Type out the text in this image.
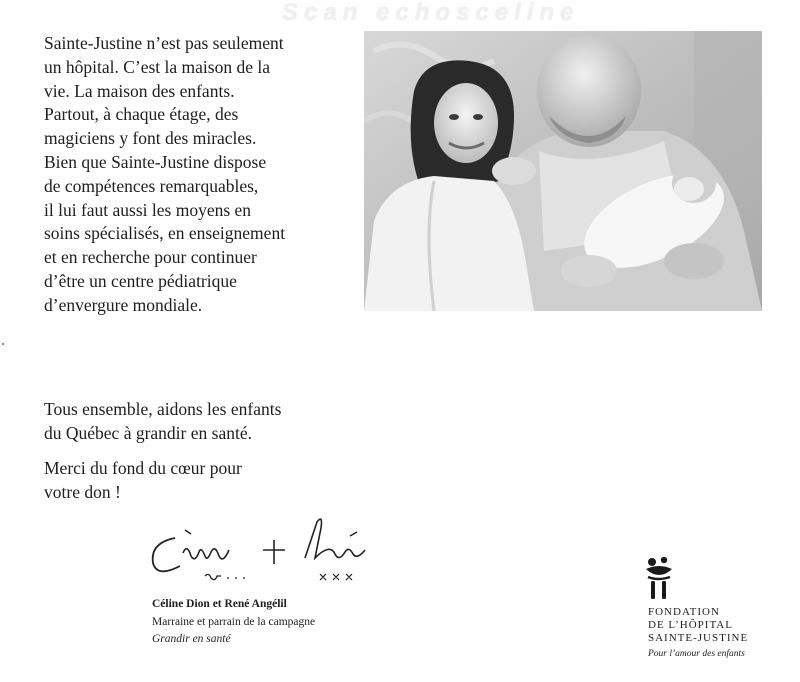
Scan echosceline
Sainte-Justine n’est pas seulement
un hôpital. C’est la maison de la
vie. La maison des enfants.
Partout, à chaque étage, des
magiciens y font des miracles.
Bien que Sainte-Justine dispose
de compétences remarquables,
il lui faut aussi les moyens en
soins spécialisés, en enseignement
et en recherche pour continuer
d’être un centre pédiatrique
d’envergure mondiale.
Tous ensemble, aidons les enfants
du Québec à grandir en santé.
Merci du fond du cœur pour
votre don !
Céline Dion et René Angélil
Marraine et parrain de la campagne
Grandir en santé
FONDATION
DE L’HÔPITAL
SAINTE-JUSTINE
Pour l’amour des enfants
